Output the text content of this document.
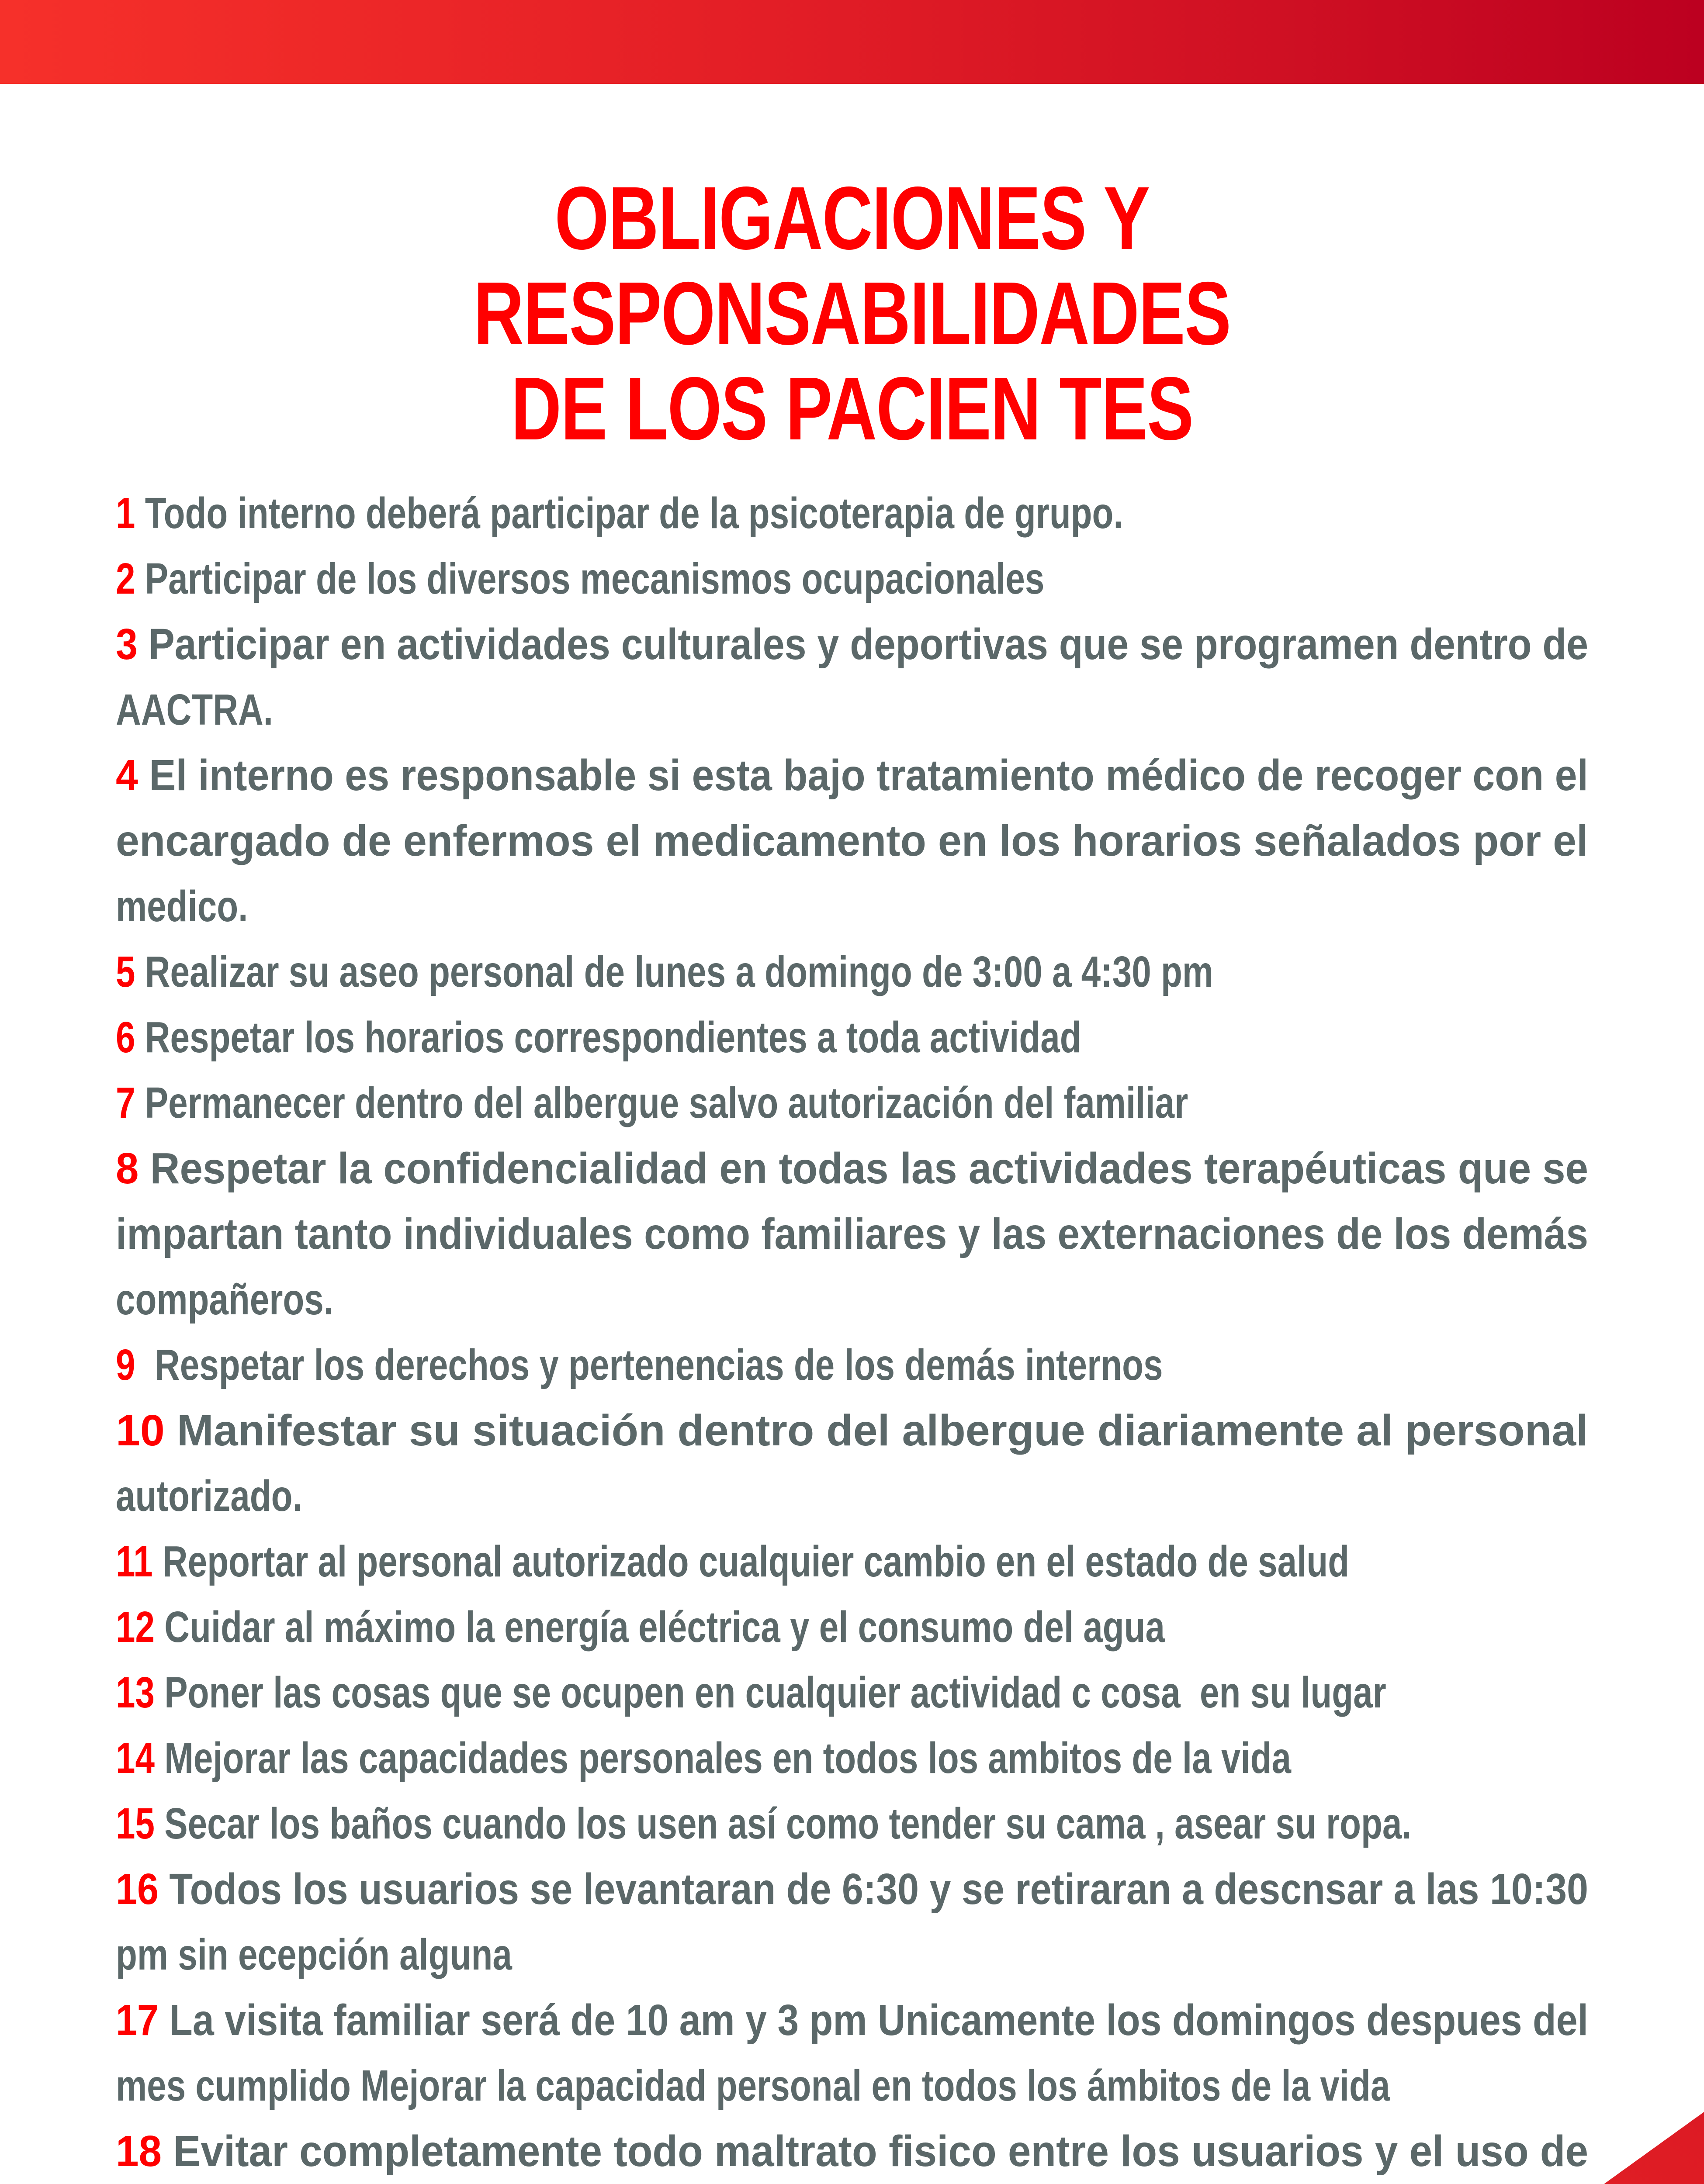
OBLIGACIONES Y
RESPONSABILIDADES
DE LOS PACIEN TES
1 Todo interno deberá participar de la psicoterapia de grupo.
2 Participar de los diversos mecanismos ocupacionales
3 Participar en actividades culturales y deportivas que se programen dentro de
AACTRA.
4 El interno es responsable si esta bajo tratamiento médico de recoger con el
encargado de enfermos el medicamento en los horarios señalados por el
medico.
5 Realizar su aseo personal de lunes a domingo de 3:00 a 4:30 pm
6 Respetar los horarios correspondientes a toda actividad
7 Permanecer dentro del albergue salvo autorización del familiar
8 Respetar la confidencialidad en todas las actividades terapéuticas que se
impartan tanto individuales como familiares y las externaciones de los demás
compañeros.
9  Respetar los derechos y pertenencias de los demás internos
10 Manifestar su situación dentro del albergue diariamente al personal
autorizado.
11 Reportar al personal autorizado cualquier cambio en el estado de salud
12 Cuidar al máximo la energía eléctrica y el consumo del agua
13 Poner las cosas que se ocupen en cualquier actividad c cosa  en su lugar
14 Mejorar las capacidades personales en todos los ambitos de la vida
15 Secar los baños cuando los usen así como tender su cama , asear su ropa.
16 Todos los usuarios se levantaran de 6:30 y se retiraran a descnsar a las 10:30
pm sin ecepción alguna
17 La visita familiar será de 10 am y 3 pm Unicamente los domingos despues del
mes cumplido Mejorar la capacidad personal en todos los ámbitos de la vida
18 Evitar completamente todo maltrato fisico entre los usuarios y el uso de
